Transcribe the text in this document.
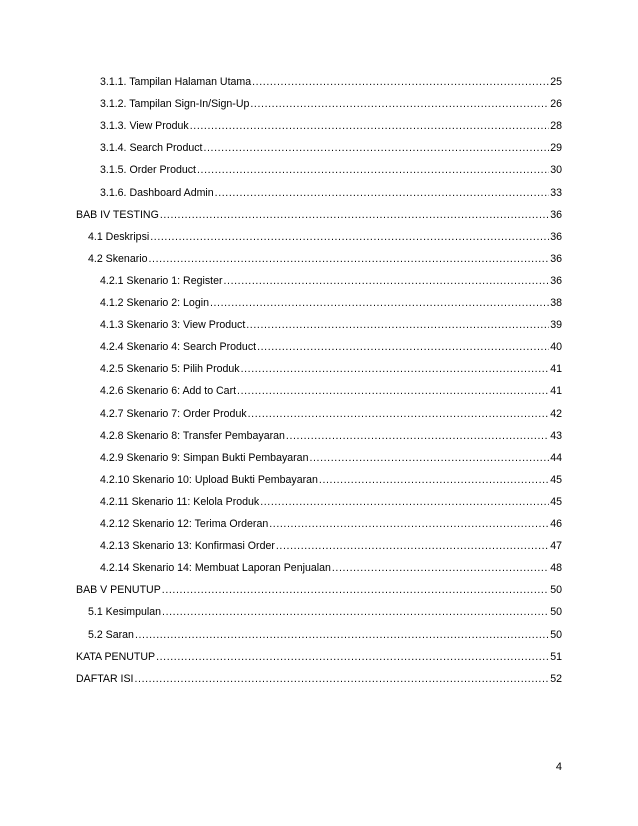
3.1.1. Tampilan Halaman Utama .....	25
3.1.2. Tampilan Sign-In/Sign-Up .....	26
3.1.3. View Produk .....	28
3.1.4. Search Product .....	29
3.1.5. Order Product .....	30
3.1.6. Dashboard Admin .....	33
BAB IV TESTING .....	36
4.1 Deskripsi .....	36
4.2 Skenario .....	36
4.2.1 Skenario 1: Register .....	36
4.1.2 Skenario 2: Login .....	38
4.1.3 Skenario 3: View Product .....	39
4.2.4 Skenario 4: Search Product .....	40
4.2.5 Skenario 5: Pilih Produk .....	41
4.2.6 Skenario 6: Add to Cart .....	41
4.2.7 Skenario 7: Order Produk .....	42
4.2.8 Skenario 8: Transfer Pembayaran .....	43
4.2.9 Skenario 9: Simpan Bukti Pembayaran .....	44
4.2.10 Skenario 10: Upload Bukti Pembayaran .....	45
4.2.11 Skenario 11: Kelola Produk .....	45
4.2.12 Skenario 12: Terima Orderan .....	46
4.2.13 Skenario 13: Konfirmasi Order .....	47
4.2.14 Skenario 14: Membuat Laporan Penjualan .....	48
BAB V PENUTUP .....	50
5.1 Kesimpulan .....	50
5.2 Saran .....	50
KATA PENUTUP .....	51
DAFTAR ISI .....	52
4
